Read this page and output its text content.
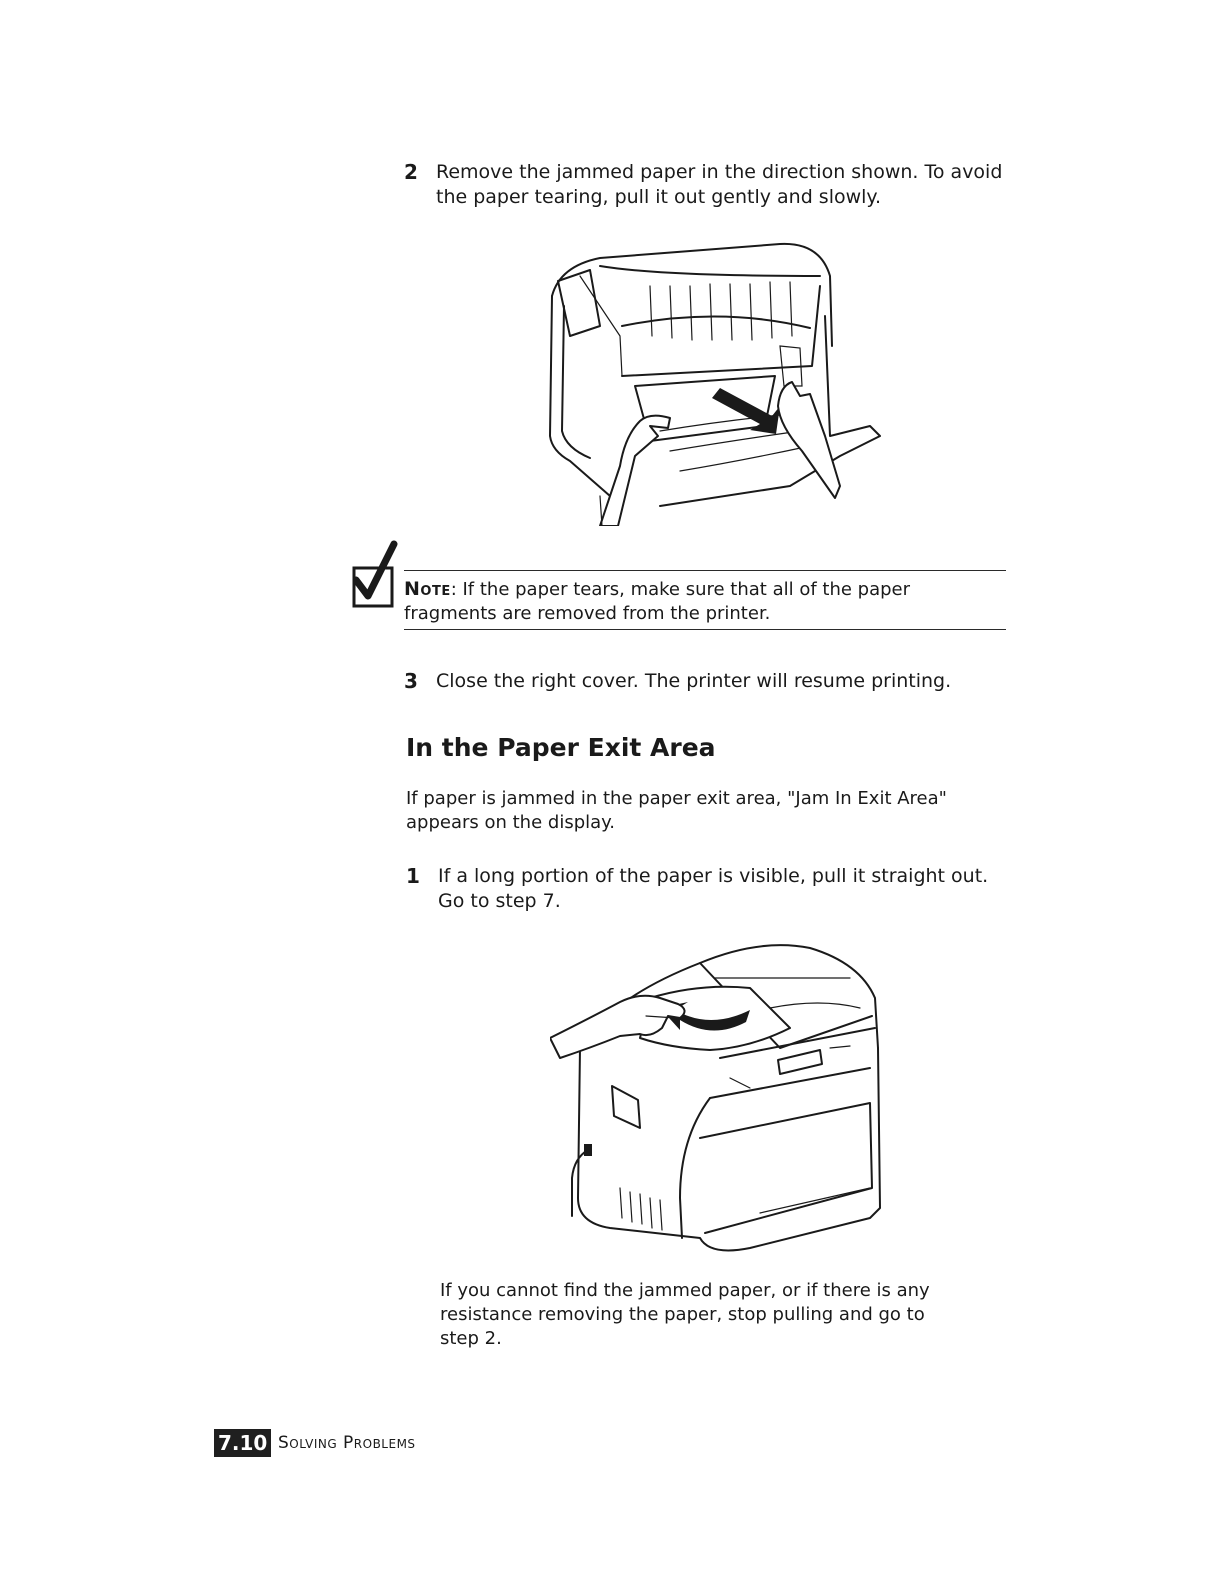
2 Remove the jammed paper in the direction shown. To avoid
the paper tearing, pull it out gently and slowly.
Note: If the paper tears, make sure that all of the paper
fragments are removed from the printer.
3 Close the right cover. The printer will resume printing.
In the Paper Exit Area
If paper is jammed in the paper exit area, "Jam In Exit Area"
appears on the display.
1 If a long portion of the paper is visible, pull it straight out.
Go to step 7.
If you cannot find the jammed paper, or if there is any
resistance removing the paper, stop pulling and go to
step 2.
7.10 Solving Problems
